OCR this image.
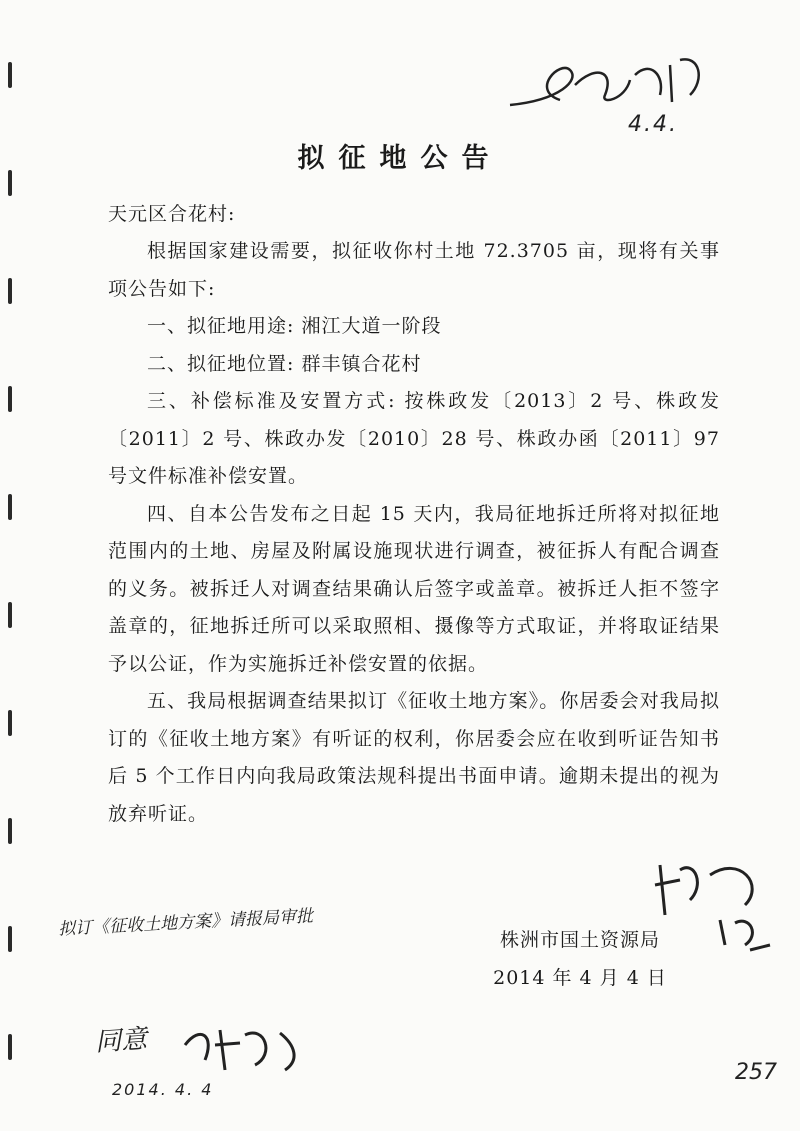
4.4.
拟征地公告
天元区合花村:

根据国家建设需要，拟征收你村土地 72.3705 亩，现将有关事项公告如下:

一、拟征地用途: 湘江大道一阶段

二、拟征地位置: 群丰镇合花村

三、补偿标准及安置方式: 按株政发〔2013〕2 号、株政发〔2011〕2 号、株政办发〔2010〕28 号、株政办函〔2011〕97 号文件标准补偿安置。

四、自本公告发布之日起 15 天内，我局征地拆迁所将对拟征地范围内的土地、房屋及附属设施现状进行调查，被征拆人有配合调查的义务。被拆迁人对调查结果确认后签字或盖章。被拆迁人拒不签字盖章的，征地拆迁所可以采取照相、摄像等方式取证，并将取证结果予以公证，作为实施拆迁补偿安置的依据。

五、我局根据调查结果拟订《征收土地方案》。你居委会对我局拟订的《征收土地方案》有听证的权利，你居委会应在收到听证告知书后 5 个工作日内向我局政策法规科提出书面申请。逾期未提出的视为放弃听证。

株洲市国土资源局
2014 年 4 月 4 日
拟订《征收土地方案》请报局审批
同意
2014. 4. 4
257
